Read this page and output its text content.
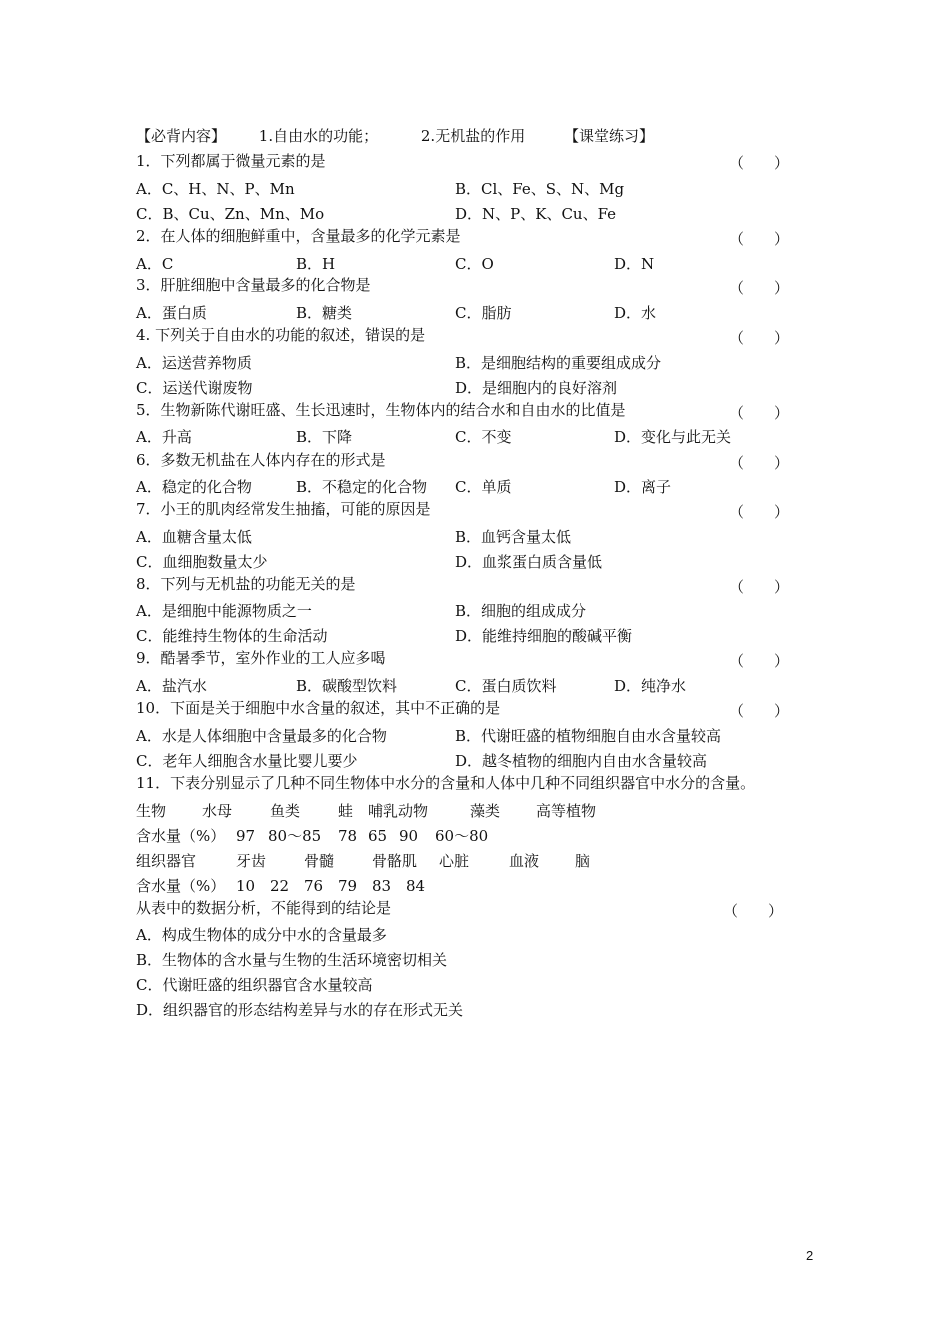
【必背内容】 1.自由水的功能；	2.无机盐的作用	【课堂练习】
1．下列都属于微量元素的是	（　　）
A．C、H、N、P、Mn	B．Cl、Fe、S、N、Mg
C．B、Cu、Zn、Mn、Mo	D．N、P、K、Cu、Fe
2．在人体的细胞鲜重中，含量最多的化学元素是	（　　）
A．C	B．H	C．O	D．N
3．肝脏细胞中含量最多的化合物是	（　　）
A．蛋白质	B．糖类	C．脂肪	D．水
4. 下列关于自由水的功能的叙述，错误的是	（　　）
A．运送营养物质	B．是细胞结构的重要组成成分
C．运送代谢废物	D．是细胞内的良好溶剂
5．生物新陈代谢旺盛、生长迅速时，生物体内的结合水和自由水的比值是	（　　）
A．升高	B．下降	C．不变	D．变化与此无关
6．多数无机盐在人体内存在的形式是	（　　）
A．稳定的化合物	B．不稳定的化合物 C．单质	D．离子
7．小王的肌肉经常发生抽搐，可能的原因是	（　　）
A．血糖含量太低	B．血钙含量太低
C．血细胞数量太少	D．血浆蛋白质含量低
8．下列与无机盐的功能无关的是	（　　）
A．是细胞中能源物质之一	B．细胞的组成成分
C．能维持生物体的生命活动	D．能维持细胞的酸碱平衡
9．酷暑季节，室外作业的工人应多喝	（　　）
A．盐汽水	B．碳酸型饮料	C．蛋白质饮料	D．纯净水
10．下面是关于细胞中水含量的叙述，其中不正确的是	（　　）
A．水是人体细胞中含量最多的化合物	B．代谢旺盛的植物细胞自由水含量较高
C．老年人细胞含水量比婴儿要少	D．越冬植物的细胞内自由水含量较高
11．下表分别显示了几种不同生物体中水分的含量和人体中几种不同组织器官中水分的含量。
生物 水母	鱼类	蛙 哺乳动物	藻类 高等植物
含水量（%） 97 80～85 78 65 90 60～80
组织器官	牙齿	骨髓	骨骼肌 心脏	血液 脑
含水量（%） 10 22 76 79 83 84
从表中的数据分析，不能得到的结论是	（　　）
A．构成生物体的成分中水的含量最多
B．生物体的含水量与生物的生活环境密切相关
C．代谢旺盛的组织器官含水量较高
D．组织器官的形态结构差异与水的存在形式无关
2
